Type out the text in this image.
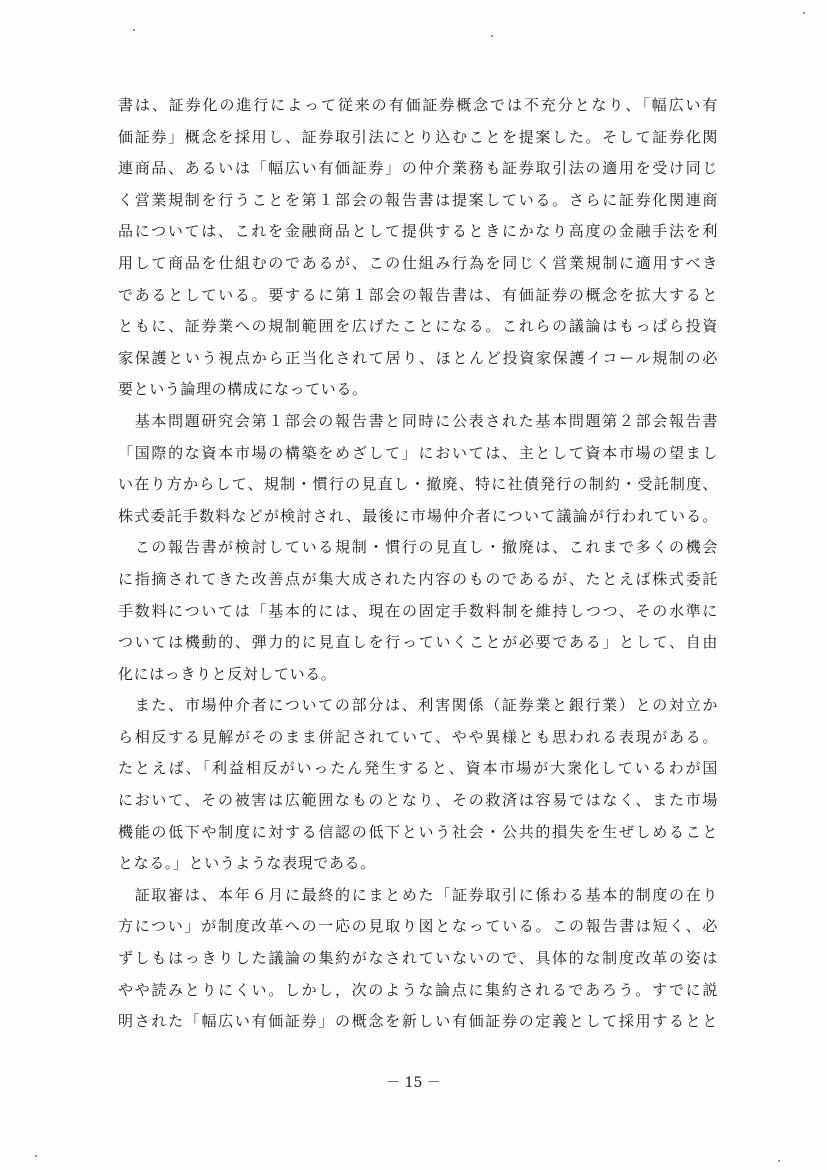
書は、証券化の進行によって従来の有価証券概念では不充分となり、「幅広い有
価証券」概念を採用し、証券取引法にとり込むことを提案した。そして証券化関
連商品、あるいは「幅広い有価証券」の仲介業務も証券取引法の適用を受け同じ
く営業規制を行うことを第１部会の報告書は提案している。さらに証券化関連商
品については、これを金融商品として提供するときにかなり高度の金融手法を利
用して商品を仕組むのであるが、この仕組み行為を同じく営業規制に適用すべき
であるとしている。要するに第１部会の報告書は、有価証券の概念を拡大すると
ともに、証券業への規制範囲を広げたことになる。これらの議論はもっぱら投資
家保護という視点から正当化されて居り、ほとんど投資家保護イコール規制の必
要という論理の構成になっている。
　基本問題研究会第１部会の報告書と同時に公表された基本問題第２部会報告書
「国際的な資本市場の構築をめざして」においては、主として資本市場の望まし
い在り方からして、規制・慣行の見直し・撤廃、特に社債発行の制約・受託制度、
株式委託手数料などが検討され、最後に市場仲介者について議論が行われている。
　この報告書が検討している規制・慣行の見直し・撤廃は、これまで多くの機会
に指摘されてきた改善点が集大成された内容のものであるが、たとえば株式委託
手数料については「基本的には、現在の固定手数料制を維持しつつ、その水準に
ついては機動的、弾力的に見直しを行っていくことが必要である」として、自由
化にはっきりと反対している。
　また、市場仲介者についての部分は、利害関係（証券業と銀行業）との対立か
ら相反する見解がそのまま併記されていて、やや異様とも思われる表現がある。
たとえば、「利益相反がいったん発生すると、資本市場が大衆化しているわが国
において、その被害は広範囲なものとなり、その救済は容易ではなく、また市場
機能の低下や制度に対する信認の低下という社会・公共的損失を生ぜしめること
となる。」というような表現である。
　証取審は、本年６月に最終的にまとめた「証券取引に係わる基本的制度の在り
方につい」が制度改革への一応の見取り図となっている。この報告書は短く、必
ずしもはっきりした議論の集約がなされていないので、具体的な制度改革の姿は
やや読みとりにくい。しかし，次のような論点に集約されるであろう。すでに説
明された「幅広い有価証券」の概念を新しい有価証券の定義として採用するとと
－ 15 －
